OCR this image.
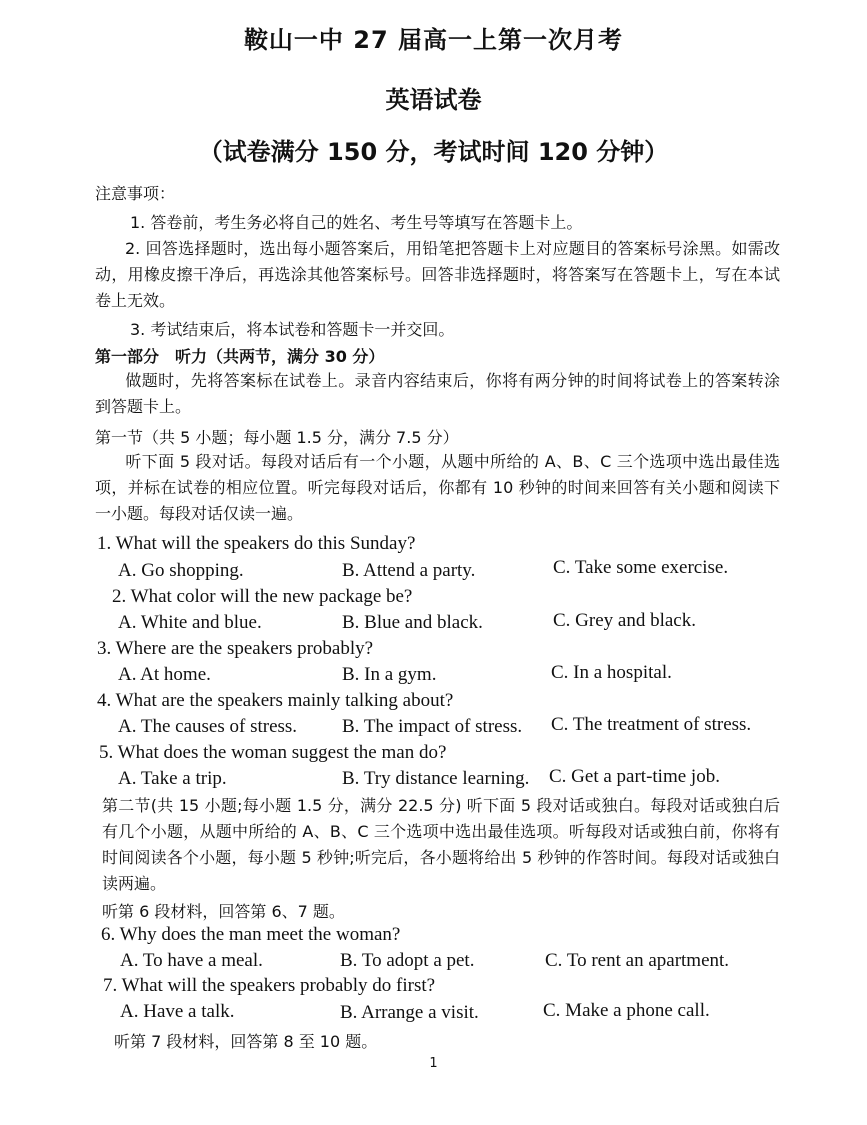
鞍山一中 27 届高一上第一次月考
英语试卷
（试卷满分 150 分，考试时间 120 分钟）
注意事项：
1. 答卷前，考生务必将自己的姓名、考生号等填写在答题卡上。
2. 回答选择题时，选出每小题答案后，用铅笔把答题卡上对应题目的答案标号涂黑。如需改动，用橡皮擦干净后，再选涂其他答案标号。回答非选择题时，将答案写在答题卡上，写在本试卷上无效。
3. 考试结束后，将本试卷和答题卡一并交回。
第一部分　听力（共两节，满分 30 分）
做题时，先将答案标在试卷上。录音内容结束后，你将有两分钟的时间将试卷上的答案转涂到答题卡上。
第一节（共 5 小题；每小题 1.5 分，满分 7.5 分）
听下面 5 段对话。每段对话后有一个小题，从题中所给的 A、B、C 三个选项中选出最佳选项，并标在试卷的相应位置。听完每段对话后，你都有 10 秒钟的时间来回答有关小题和阅读下一小题。每段对话仅读一遍。
1. What will the speakers do this Sunday?
A. Go shopping.	B. Attend a party.	C. Take some exercise.
2. What color will the new package be?
A. White and blue.	B. Blue and black.	C. Grey and black.
3. Where are the speakers probably?
A. At home.	B. In a gym.	C. In a hospital.
4. What are the speakers mainly talking about?
A. The causes of stress. B. The impact of stress. C. The treatment of stress.
5. What does the woman suggest the man do?
A. Take a trip.	B. Try distance learning. C. Get a part-time job.
第二节(共 15 小题;每小题 1.5 分，满分 22.5 分) 听下面 5 段对话或独白。每段对话或独白后有几个小题，从题中所给的 A、B、C 三个选项中选出最佳选项。听每段对话或独白前，你将有时间阅读各个小题，每小题 5 秒钟;听完后，各小题将给出 5 秒钟的作答时间。每段对话或独白读两遍。
听第 6 段材料，回答第 6、7 题。
6. Why does the man meet the woman?
A. To have a meal.	B. To adopt a pet.	C. To rent an apartment.
7. What will the speakers probably do first?
A. Have a talk.	B. Arrange a visit.	C. Make a phone call.
听第 7 段材料，回答第 8 至 10 题。
1
